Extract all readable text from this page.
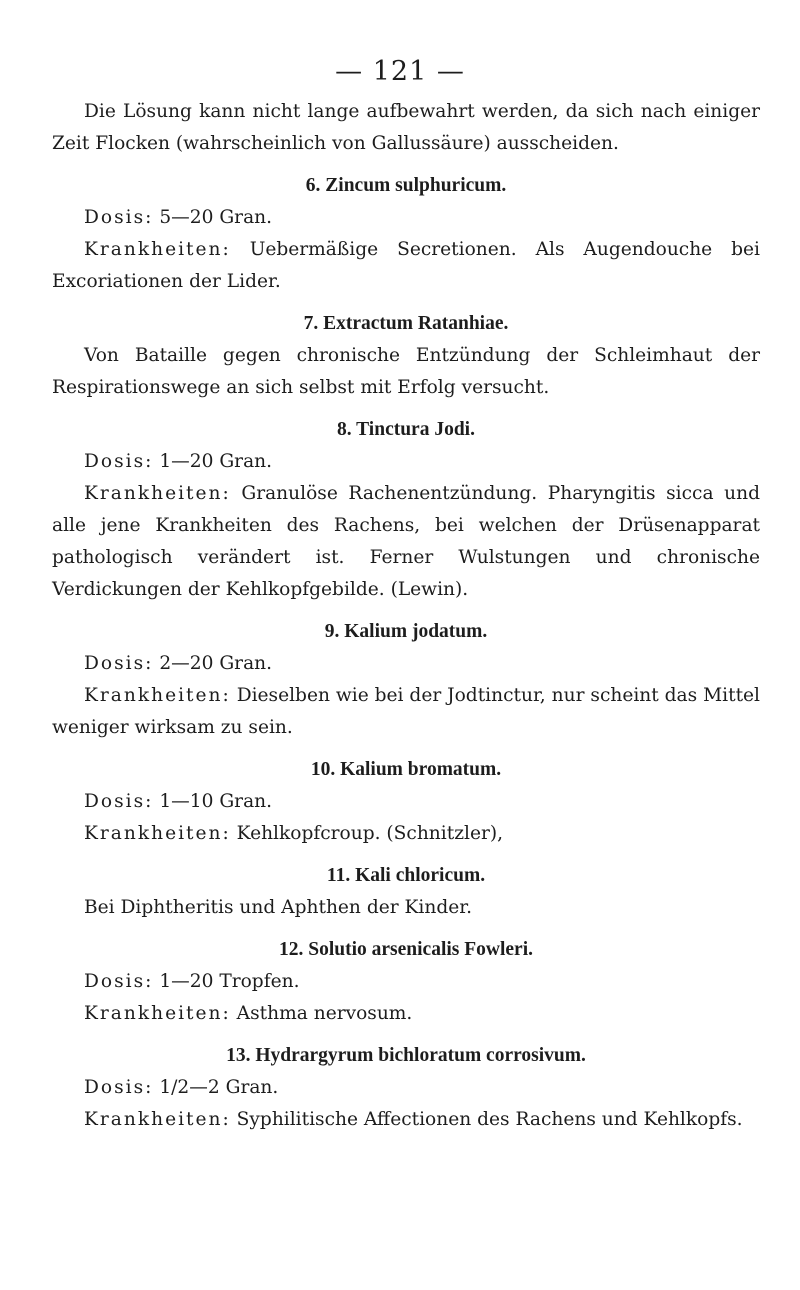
— 121 —

Die Lösung kann nicht lange aufbewahrt werden, da sich nach einiger Zeit Flocken (wahrscheinlich von Gallussäure) ausscheiden.

6. Zincum sulphuricum.

Dosis: 5—20 Gran.

Krankheiten: Uebermäßige Secretionen. Als Augendouche bei Excoriationen der Lider.

7. Extractum Ratanhiae.

Von Bataille gegen chronische Entzündung der Schleimhaut der Respirationswege an sich selbst mit Erfolg versucht.

8. Tinctura Jodi.

Dosis: 1—20 Gran.

Krankheiten: Granulöse Rachenentzündung. Pharyngitis sicca und alle jene Krankheiten des Rachens, bei welchen der Drüsenapparat pathologisch verändert ist. Ferner Wulstungen und chronische Verdickungen der Kehlkopfgebilde. (Lewin).

9. Kalium jodatum.

Dosis: 2—20 Gran.

Krankheiten: Dieselben wie bei der Jodtinctur, nur scheint das Mittel weniger wirksam zu sein.

10. Kalium bromatum.

Dosis: 1—10 Gran.

Krankheiten: Kehlkopfcroup. (Schnitzler),

11. Kali chloricum.

Bei Diphtheritis und Aphthen der Kinder.

12. Solutio arsenicalis Fowleri.

Dosis: 1—20 Tropfen.

Krankheiten: Asthma nervosum.

13. Hydrargyrum bichloratum corrosivum.

Dosis: 1/2—2 Gran.

Krankheiten: Syphilitische Affectionen des Rachens und Kehlkopfs.
